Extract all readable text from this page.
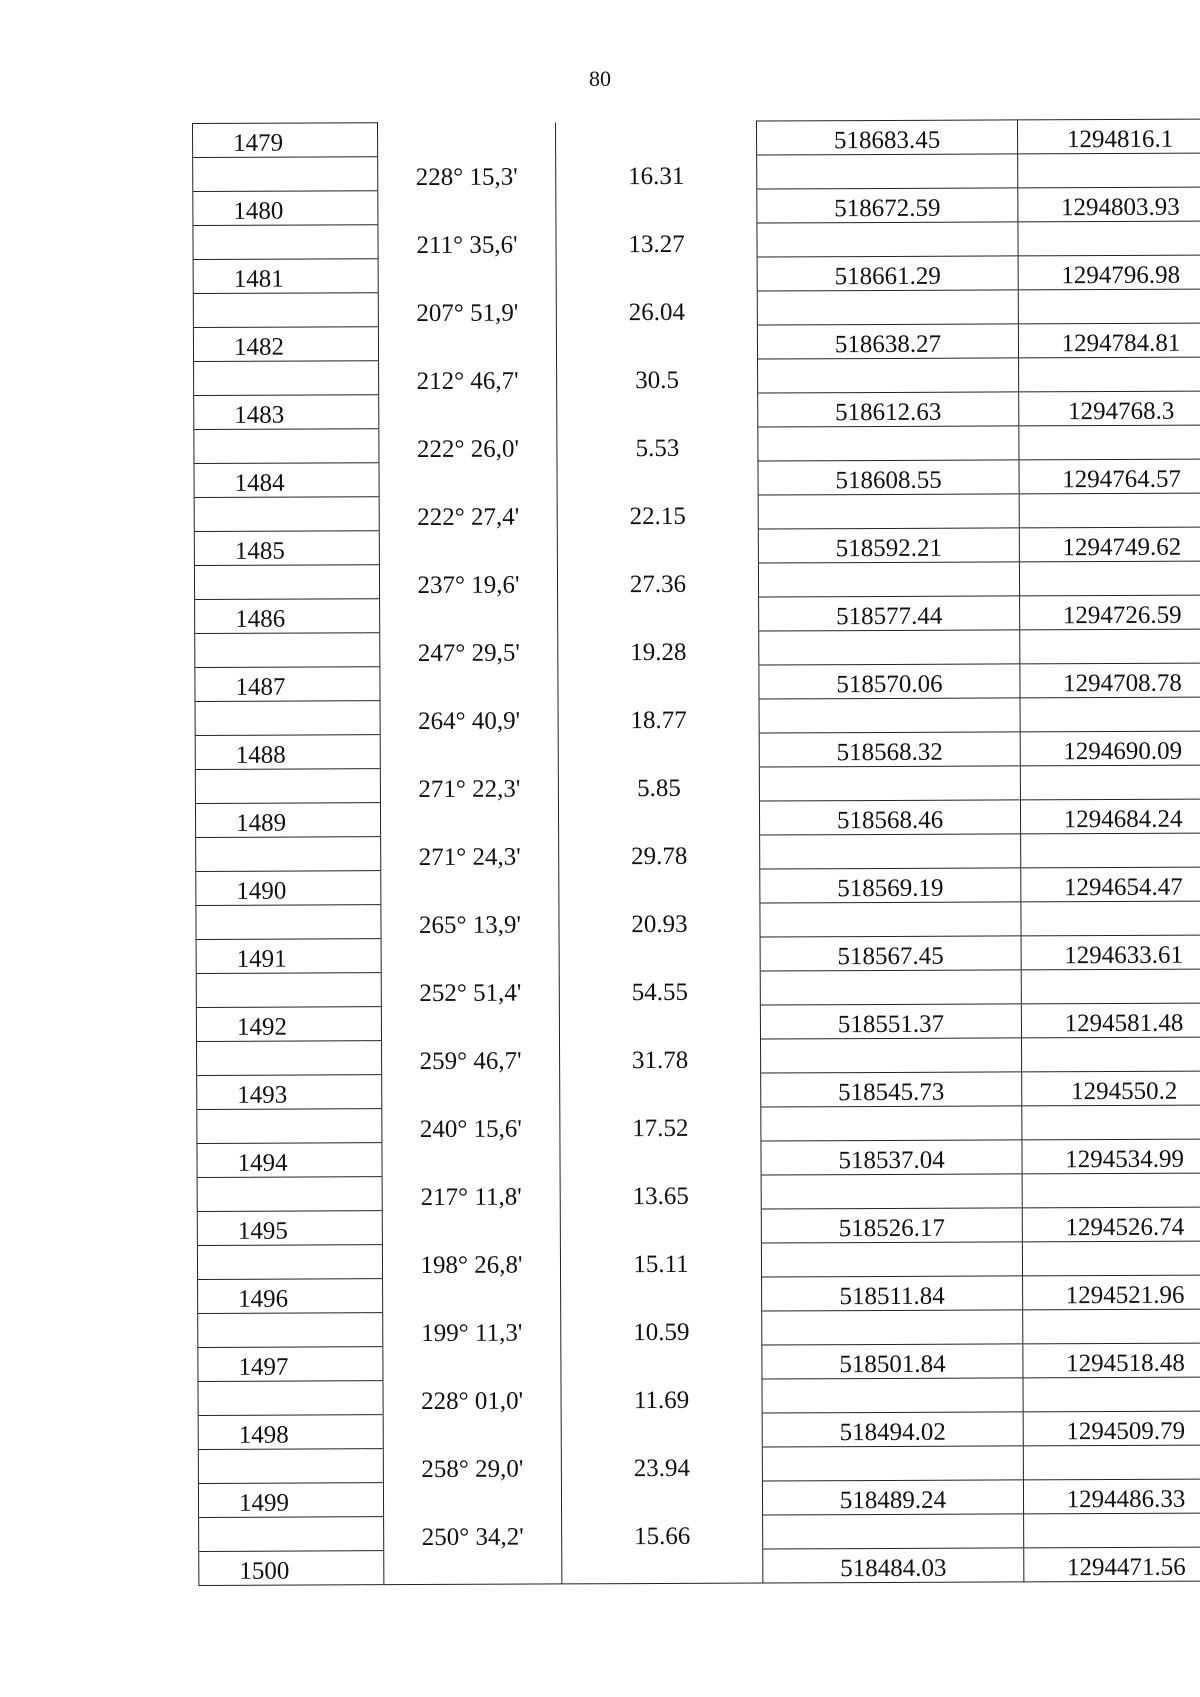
80
1479			518683.45	1294816.1
	228° 15,3'	16.31		
1480			518672.59	1294803.93
	211° 35,6'	13.27		
1481			518661.29	1294796.98
	207° 51,9'	26.04		
1482			518638.27	1294784.81
	212° 46,7'	30.5		
1483			518612.63	1294768.3
	222° 26,0'	5.53		
1484			518608.55	1294764.57
	222° 27,4'	22.15		
1485			518592.21	1294749.62
	237° 19,6'	27.36		
1486			518577.44	1294726.59
	247° 29,5'	19.28		
1487			518570.06	1294708.78
	264° 40,9'	18.77		
1488			518568.32	1294690.09
	271° 22,3'	5.85		
1489			518568.46	1294684.24
	271° 24,3'	29.78		
1490			518569.19	1294654.47
	265° 13,9'	20.93		
1491			518567.45	1294633.61
	252° 51,4'	54.55		
1492			518551.37	1294581.48
	259° 46,7'	31.78		
1493			518545.73	1294550.2
	240° 15,6'	17.52		
1494			518537.04	1294534.99
	217° 11,8'	13.65		
1495			518526.17	1294526.74
	198° 26,8'	15.11		
1496			518511.84	1294521.96
	199° 11,3'	10.59		
1497			518501.84	1294518.48
	228° 01,0'	11.69		
1498			518494.02	1294509.79
	258° 29,0'	23.94		
1499			518489.24	1294486.33
	250° 34,2'	15.66		
1500			518484.03	1294471.56
